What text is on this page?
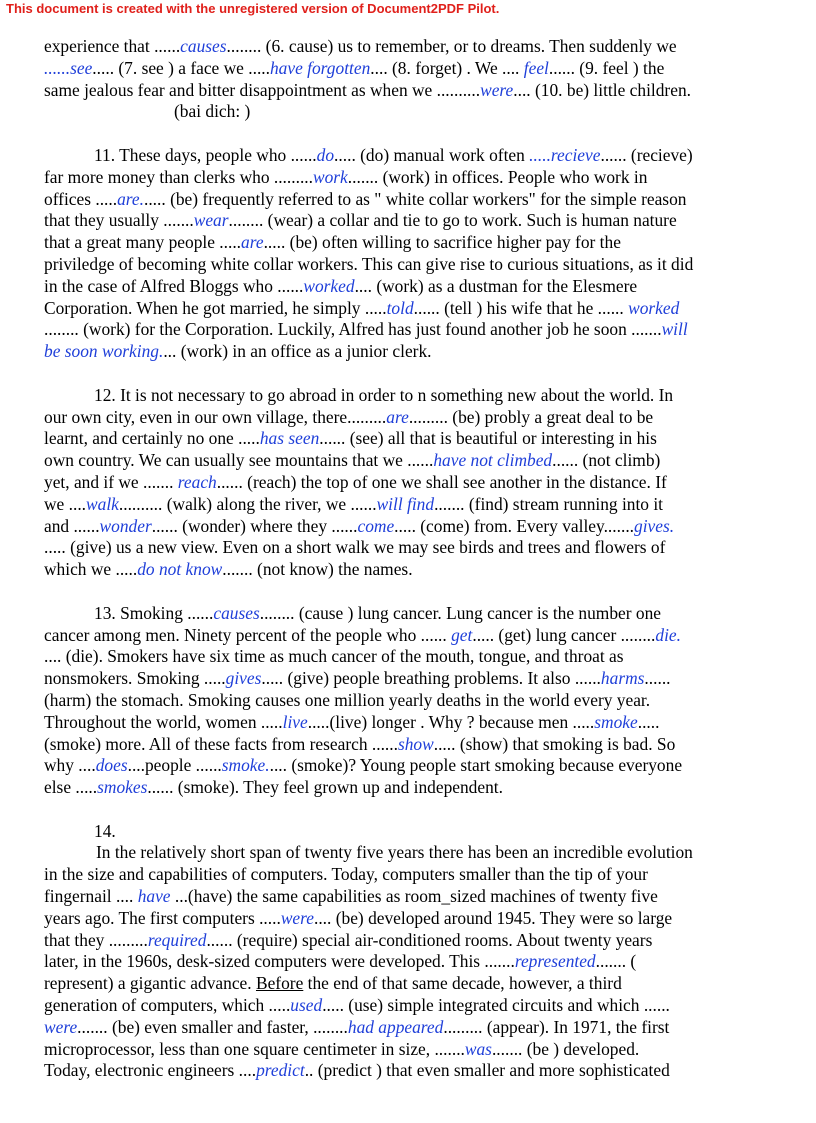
This document is created with the unregistered version of Document2PDF Pilot.
experience that ......causes........ (6. cause) us to remember, or to dreams. Then suddenly we
......see..... (7. see ) a face we .....have forgotten.... (8. forget) . We .... feel...... (9. feel ) the
same jealous fear and bitter disappointment as when we ..........were.... (10. be) little children.
(bai dich: )
11. These days, people who ......do..... (do) manual work often .....recieve...... (recieve)
far more money than clerks who .........work....... (work) in offices. People who work in
offices .....are...... (be) frequently referred to as " white collar workers" for the simple reason
that they usually .......wear........ (wear) a collar and tie to go to work. Such is human nature
that a great many people .....are..... (be) often willing to sacrifice higher pay for the
priviledge of becoming white collar workers. This can give rise to curious situations, as it did
in the case of Alfred Bloggs who ......worked.... (work) as a dustman for the Elesmere
Corporation. When he got married, he simply .....told...... (tell ) his wife that he ...... worked
........ (work) for the Corporation. Luckily, Alfred has just found another job he soon .......will
be soon working.... (work) in an office as a junior clerk.
12. It is not necessary to go abroad in order to n something new about the world. In
our own city, even in our own village, there.........are......... (be) probly a great deal to be
learnt, and certainly no one .....has seen...... (see) all that is beautiful or interesting in his
own country. We can usually see mountains that we ......have not climbed...... (not climb)
yet, and if we ....... reach...... (reach) the top of one we shall see another in the distance. If
we ....walk.......... (walk) along the river, we ......will find....... (find) stream running into it
and ......wonder...... (wonder) where they ......come..... (come) from. Every valley.......gives.
..... (give) us a new view. Even on a short walk we may see birds and trees and flowers of
which we .....do not know....... (not know) the names.
13. Smoking ......causes........ (cause ) lung cancer. Lung cancer is the number one
cancer among men. Ninety percent of the people who ...... get..... (get) lung cancer ........die.
.... (die). Smokers have six time as much cancer of the mouth, tongue, and throat as
nonsmokers. Smoking .....gives..... (give) people breathing problems. It also ......harms......
(harm) the stomach. Smoking causes one million yearly deaths in the world every year.
Throughout the world, women .....live.....(live) longer . Why ? because men .....smoke.....
(smoke) more. All of these facts from research ......show..... (show) that smoking is bad. So
why ....does....people ......smoke..... (smoke)? Young people start smoking because everyone
else .....smokes...... (smoke). They feel grown up and independent.
14.
In the relatively short span of twenty five years there has been an incredible evolution
in the size and capabilities of computers. Today, computers smaller than the tip of your
fingernail .... have ...(have) the same capabilities as room_sized machines of twenty five
years ago. The first computers .....were.... (be) developed around 1945. They were so large
that they .........required...... (require) special air-conditioned rooms. About twenty years
later, in the 1960s, desk-sized computers were developed. This .......represented....... (
represent) a gigantic advance. Before the end of that same decade, however, a third
generation of computers, which .....used..... (use) simple integrated circuits and which ......
were....... (be) even smaller and faster, ........had appeared......... (appear). In 1971, the first
microprocessor, less than one square centimeter in size, .......was....... (be ) developed.
Today, electronic engineers ....predict.. (predict ) that even smaller and more sophisticated
